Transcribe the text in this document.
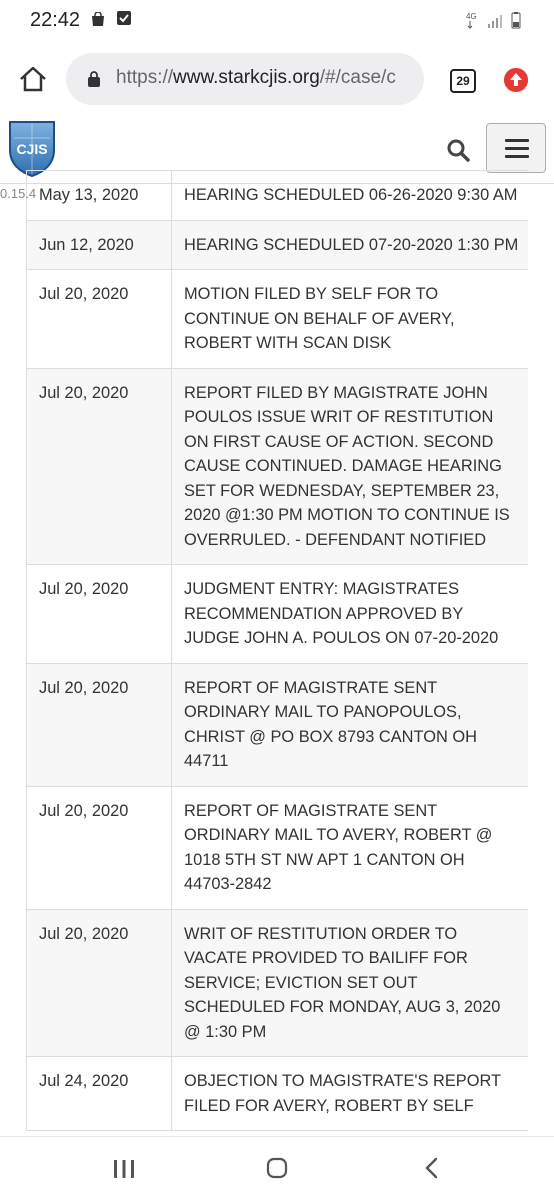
22:42	4G
https://www.starkcjis.org/#/case/c	29
CJIS
May 13, 2020	HEARING SCHEDULED 06-26-2020 9:30 AM
Jun 12, 2020	HEARING SCHEDULED 07-20-2020 1:30 PM
Jul 20, 2020	MOTION FILED BY SELF FOR TO CONTINUE ON BEHALF OF AVERY, ROBERT WITH SCAN DISK
Jul 20, 2020	REPORT FILED BY MAGISTRATE JOHN POULOS ISSUE WRIT OF RESTITUTION ON FIRST CAUSE OF ACTION. SECOND CAUSE CONTINUED. DAMAGE HEARING SET FOR WEDNESDAY, SEPTEMBER 23, 2020 @1:30 PM MOTION TO CONTINUE IS OVERRULED. - DEFENDANT NOTIFIED
Jul 20, 2020	JUDGMENT ENTRY: MAGISTRATES RECOMMENDATION APPROVED BY JUDGE JOHN A. POULOS ON 07-20-2020
Jul 20, 2020	REPORT OF MAGISTRATE SENT ORDINARY MAIL TO PANOPOULOS, CHRIST @ PO BOX 8793 CANTON OH 44711
Jul 20, 2020	REPORT OF MAGISTRATE SENT ORDINARY MAIL TO AVERY, ROBERT @ 1018 5TH ST NW APT 1 CANTON OH 44703-2842
Jul 20, 2020	WRIT OF RESTITUTION ORDER TO VACATE PROVIDED TO BAILIFF FOR SERVICE; EVICTION SET OUT SCHEDULED FOR MONDAY, AUG 3, 2020 @ 1:30 PM
Jul 24, 2020	OBJECTION TO MAGISTRATE'S REPORT FILED FOR AVERY, ROBERT BY SELF
0.15.4
